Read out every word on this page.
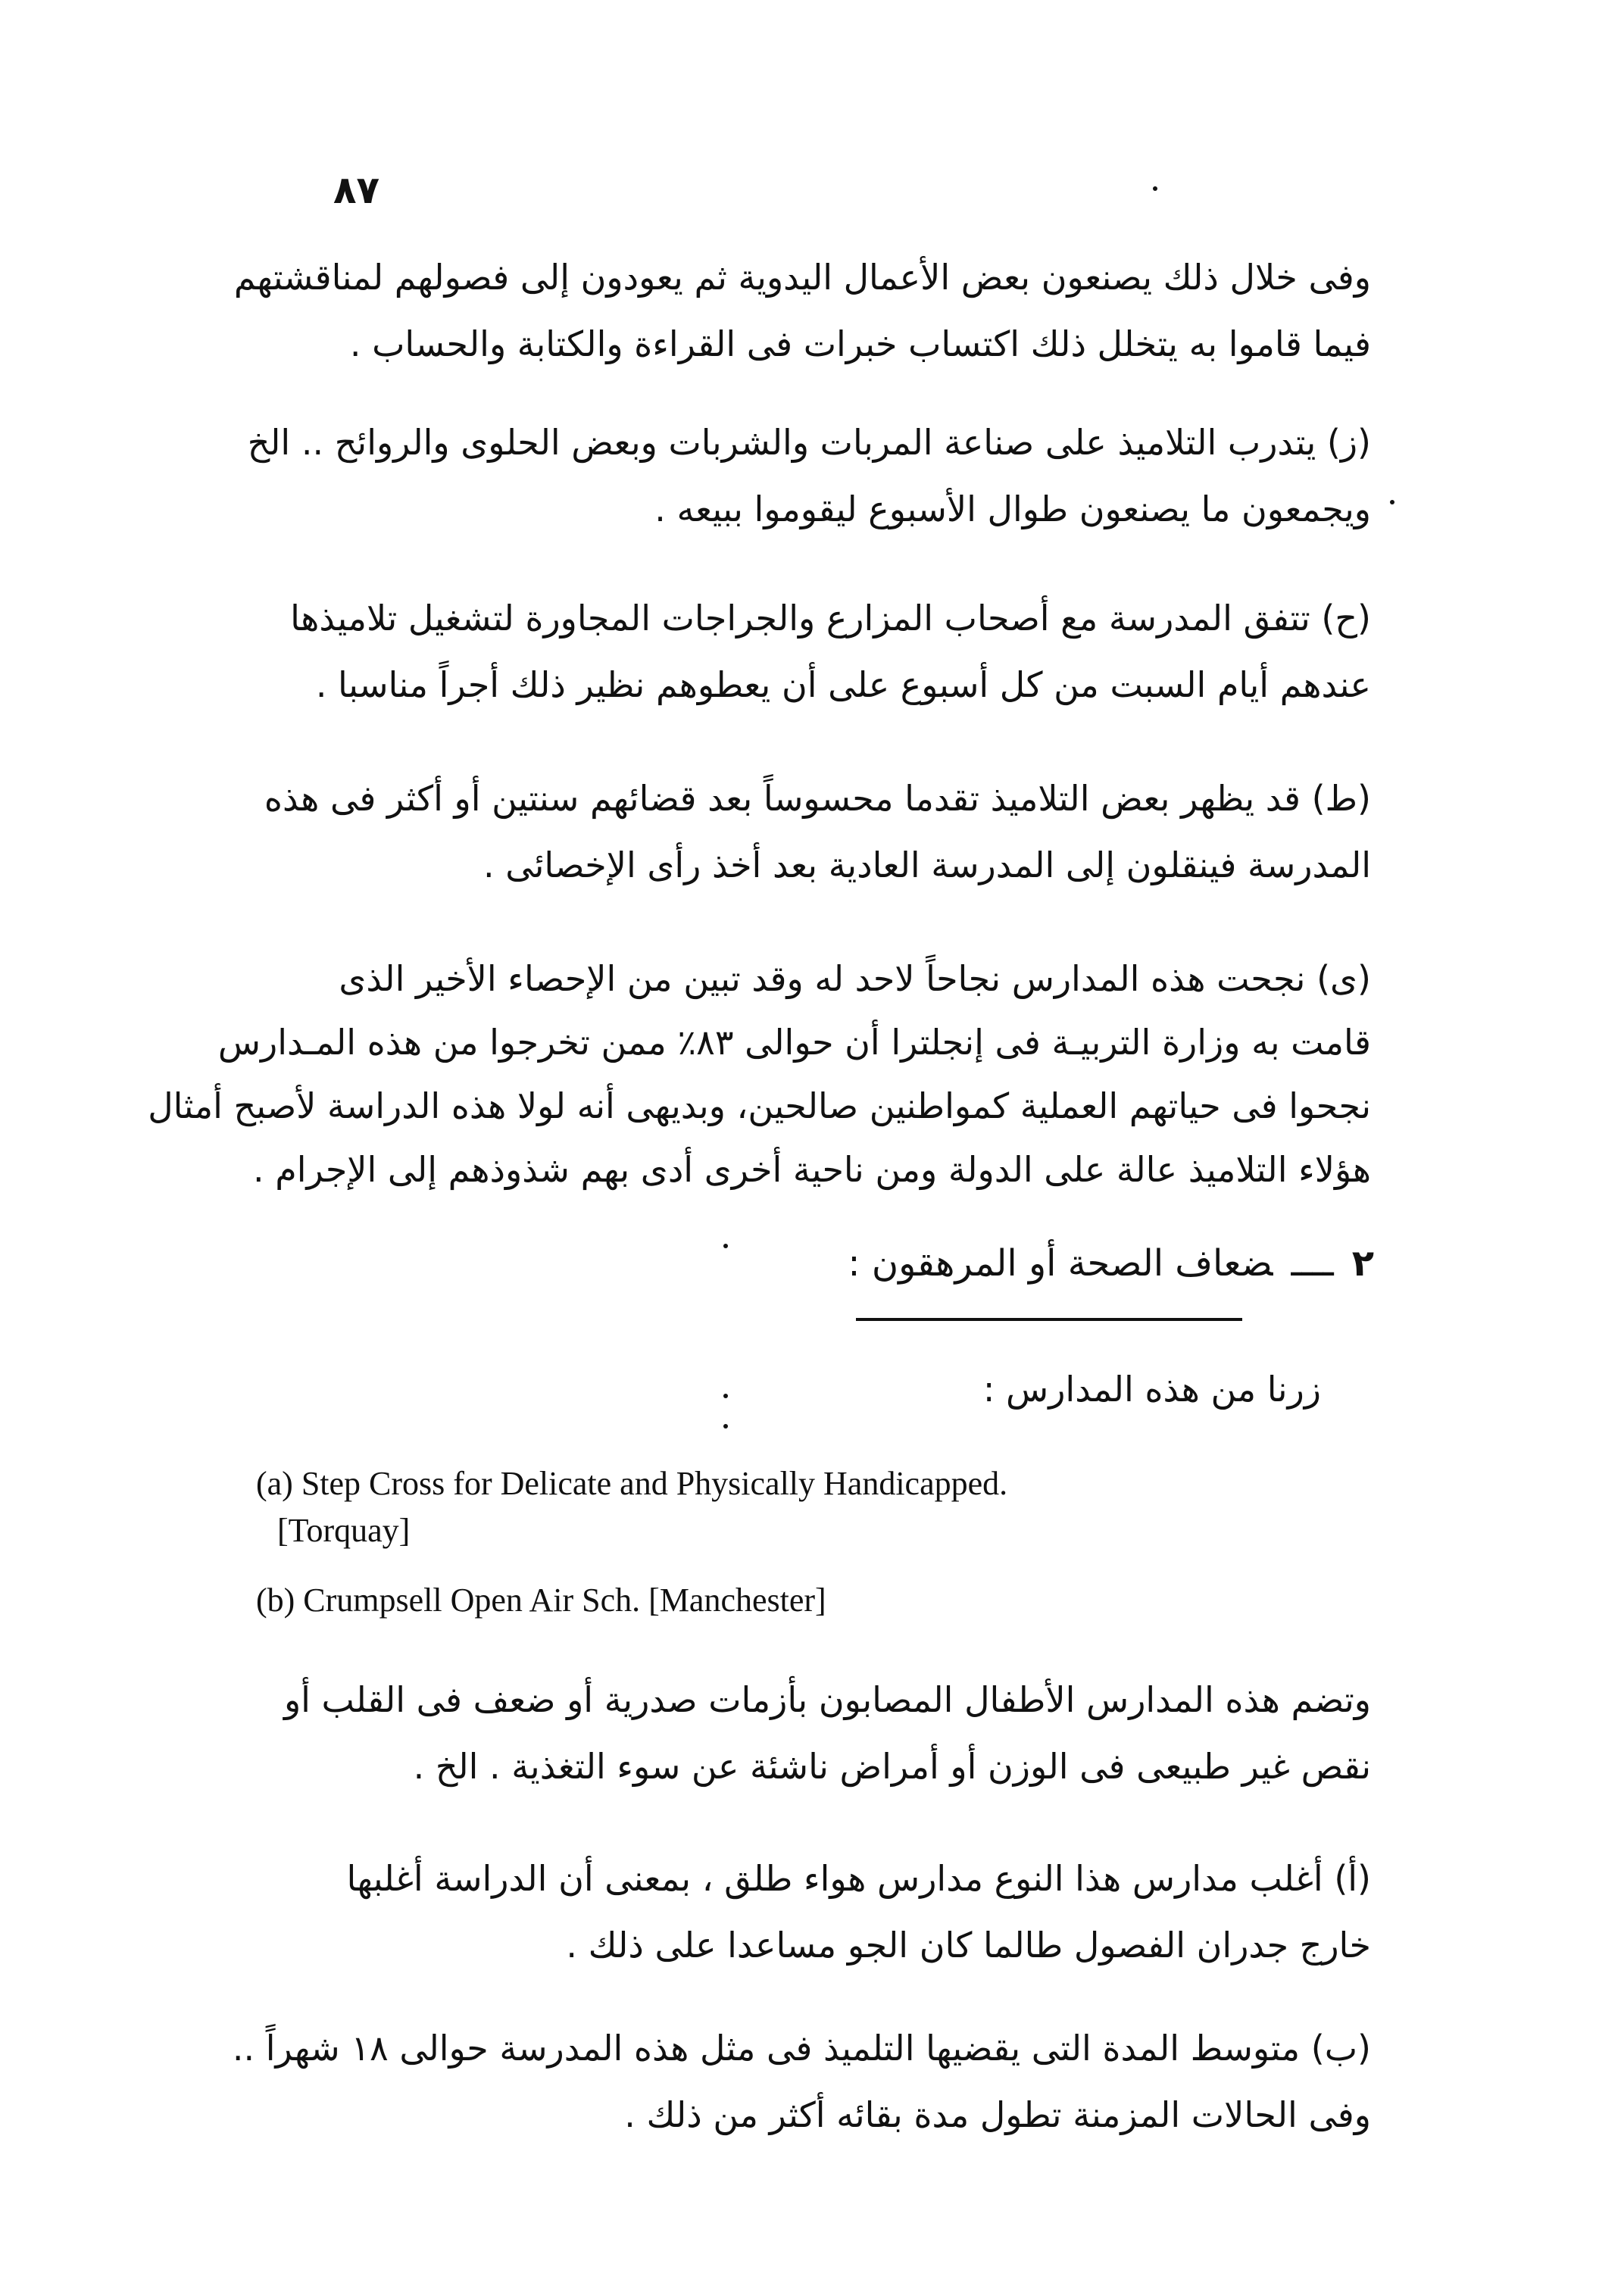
٨٧

وفى خلال ذلك يصنعون بعض الأعمال اليدوية ثم يعودون إلى فصولهم لمناقشتهم
فيما قاموا به يتخلل ذلك اكتساب خبرات فى القراءة والكتابة والحساب .

(ز) يتدرب التلاميذ على صناعة المربات والشربات وبعض الحلوى والروائح .. الخ
ويجمعون ما يصنعون طوال الأسبوع ليقوموا ببيعه .

(ح) تتفق المدرسة مع أصحاب المزارع والجراجات المجاورة لتشغيل تلاميذها
عندهم أيام السبت من كل أسبوع على أن يعطوهم نظير ذلك أجراً مناسبا .

(ط) قد يظهر بعض التلاميذ تقدما محسوساً بعد قضائهم سنتين أو أكثر فى هذه
المدرسة فينقلون إلى المدرسة العادية بعد أخذ رأى الإخصائى .

(ى) نجحت هذه المدارس نجاحاً لاحد له وقد تبين من الإحصاء الأخير الذى
قامت به وزارة التربيـة فى إنجلترا أن حوالى ٨٣٪ ممن تخرجوا من هذه المـدارس
نجحوا فى حياتهم العملية كمواطنين صالحين، وبديهى أنه لولا هذه الدراسة لأصبح أمثال
هؤلاء التلاميذ عالة على الدولة ومن ناحية أخرى أدى بهم شذوذهم إلى الإجرام .

٢ــــضعاف الصحة أو المرهقون :

زرنا من هذه المدارس :

(a) Step Cross for Delicate and Physically Handicapped.
[Torquay]
(b) Crumpsell Open Air Sch. [Manchester]

وتضم هذه المدارس الأطفال المصابون بأزمات صدرية أو ضعف فى القلب أو
نقص غير طبيعى فى الوزن أو أمراض ناشئة عن سوء التغذية . الخ .

(أ) أغلب مدارس هذا النوع مدارس هواء طلق ، بمعنى أن الدراسة أغلبها
خارج جدران الفصول طالما كان الجو مساعدا على ذلك .

(ب) متوسط المدة التى يقضيها التلميذ فى مثل هذه المدرسة حوالى ١٨ شهراً ..
وفى الحالات المزمنة تطول مدة بقائه أكثر من ذلك .
